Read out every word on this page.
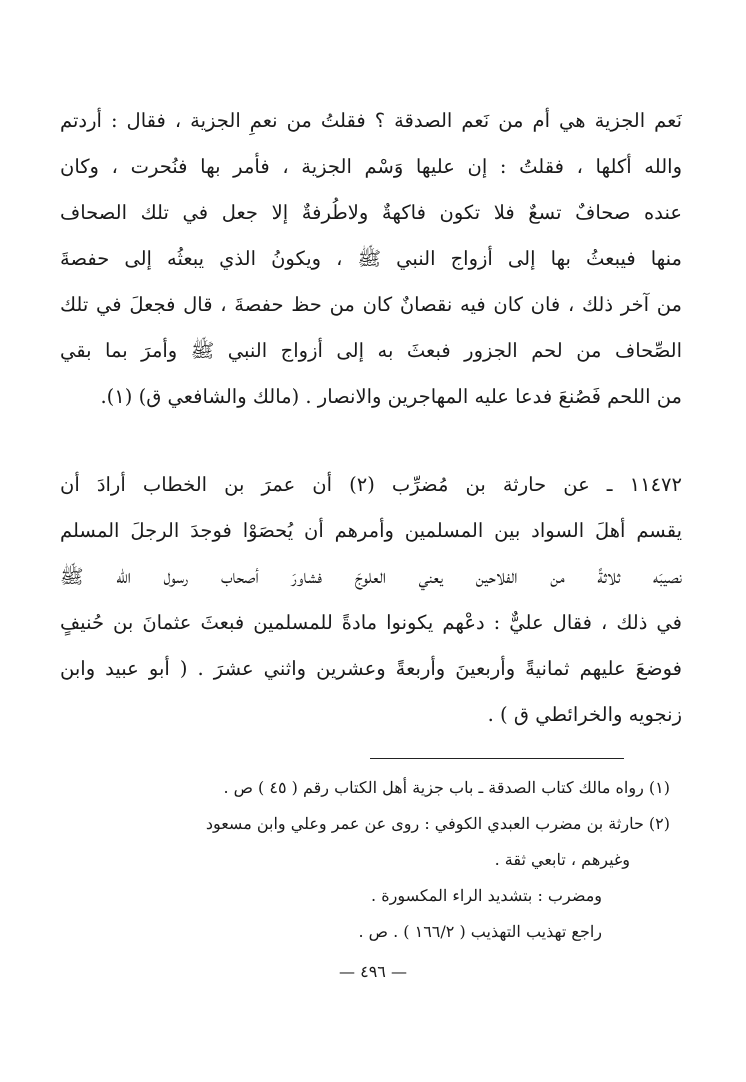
نَعم الجزية هي أم من نَعم الصدقة ؟ فقلتُ من نعمِ الجزية ، فقال : أردتم
والله أكلها ، فقلتُ : إن عليها وَسْم الجزية ، فأمر بها فنُحرت ، وكان
عنده صحافٌ تسعٌ فلا تكون فاكهةٌ ولاطُرفةٌ إلا جعل في تلك الصحاف
منها فيبعثُ بها إلى أزواج النبي ﷺ ، ويكونُ الذي يبعثُه إلى حفصةَ
من آخر ذلك ، فان كان فيه نقصانٌ كان من حظ حفصةَ ، قال فجعلَ في تلك
الصِّحاف من لحم الجزور فبعثَ به إلى أزواج النبي ﷺ وأمرَ بما بقي
من اللحم فَصُنعَ فدعا عليه المهاجرين والانصار . (مالك والشافعي ق) (١).
١١٤٧٢ ـ عن حارثة بن مُضرِّب (٢) أن عمرَ بن الخطاب أرادَ أن
يقسم أهلَ السواد بين المسلمين وأمرهم أن يُحصَوْا فوجدَ الرجلَ المسلم
نصيبَه ثلاثةً من الفلاحين يعني العلوجَ فشاورَ أصحاب رسول الله ﷺ
في ذلك ، فقال عليٌّ : دعْهم يكونوا مادةً للمسلمين فبعثَ عثمانَ بن حُنيفٍ
فوضعَ عليهم ثمانيةً وأربعينَ وأربعةً وعشرين واثني عشرَ . ( أبو عبيد وابن
زنجويه والخرائطي ق ) .
(١) رواه مالك كتاب الصدقة ـ باب جزية أهل الكتاب رقم ( ٤٥ ) ص .
(٢) حارثة بن مضرب العبدي الكوفي : روى عن عمر وعلي وابن مسعود
وغيرهم ، تابعي ثقة .
ومضرب : بتشديد الراء المكسورة .
راجع تهذيب التهذيب ( ١٦٦/٢ ) . ص .
— ٤٩٦ —
